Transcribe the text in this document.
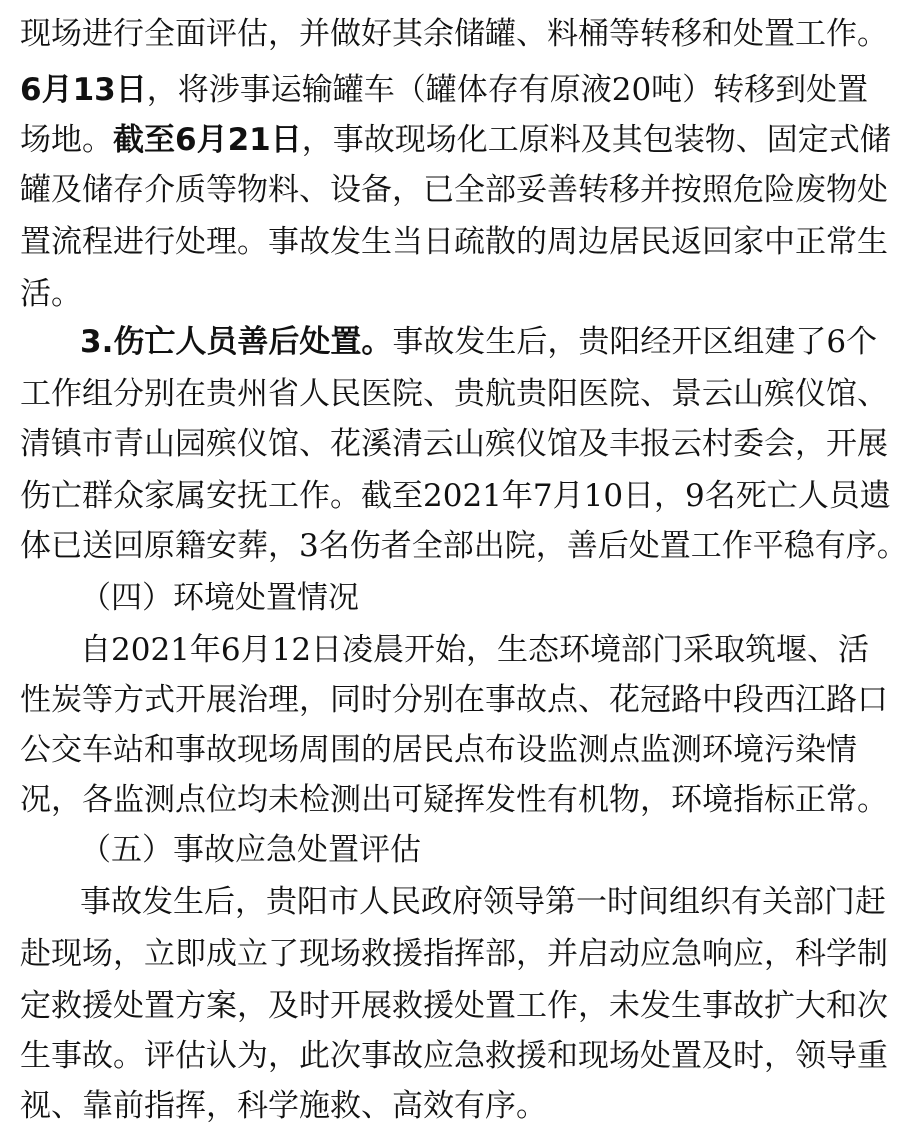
现场进行全面评估，并做好其余储罐、料桶等转移和处置工作。
6月13日，将涉事运输罐车（罐体存有原液20吨）转移到处置
场地。截至6月21日，事故现场化工原料及其包装物、固定式储
罐及储存介质等物料、设备，已全部妥善转移并按照危险废物处
置流程进行处理。事故发生当日疏散的周边居民返回家中正常生
活。
3.伤亡人员善后处置。事故发生后，贵阳经开区组建了6个
工作组分别在贵州省人民医院、贵航贵阳医院、景云山殡仪馆、
清镇市青山园殡仪馆、花溪清云山殡仪馆及丰报云村委会，开展
伤亡群众家属安抚工作。截至2021年7月10日，9名死亡人员遗
体已送回原籍安葬，3名伤者全部出院，善后处置工作平稳有序。
（四）环境处置情况
自2021年6月12日凌晨开始，生态环境部门采取筑堰、活
性炭等方式开展治理，同时分别在事故点、花冠路中段西江路口
公交车站和事故现场周围的居民点布设监测点监测环境污染情
况，各监测点位均未检测出可疑挥发性有机物，环境指标正常。
（五）事故应急处置评估
事故发生后，贵阳市人民政府领导第一时间组织有关部门赶
赴现场，立即成立了现场救援指挥部，并启动应急响应，科学制
定救援处置方案，及时开展救援处置工作，未发生事故扩大和次
生事故。评估认为，此次事故应急救援和现场处置及时，领导重
视、靠前指挥，科学施救、高效有序。
